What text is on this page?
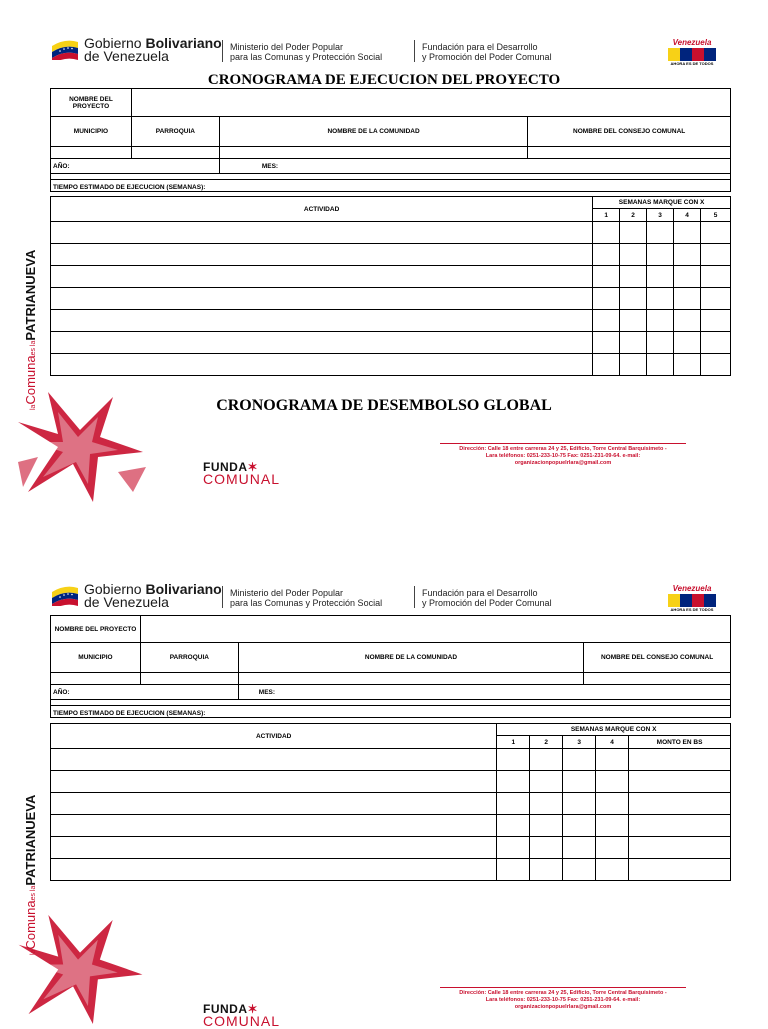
Gobierno Bolivariano
de Venezuela
Ministerio del Poder Popular
para las Comunas y Protección Social
Fundación para el Desarrollo
y Promoción del Poder Comunal
Venezuela
AHORA ES DE TODOS
CRONOGRAMA DE EJECUCION DEL PROYECTO
NOMBRE DEL PROYECTO			
MUNICIPIO	PARROQUIA	NOMBRE DE LA COMUNIDAD	NOMBRE DEL CONSEJO COMUNAL

AÑO:		MES:	

TIEMPO ESTIMADO DE EJECUCION (SEMANAS):			
ACTIVIDAD	SEMANAS MARQUE CON X				
	1	2	3	4	5

CRONOGRAMA DE DESEMBOLSO GLOBAL
laComunaes laPATRIANUEVA
Dirección: Calle 18 entre carreras 24 y 25, Edificio, Torre Central Barquisimeto -
Lara teléfonos: 0251-233-10-75 Fax: 0251-231-09-64. e-mail:
organizacionpopuelrlara@gmail.com
FUNDA✶
COMUNAL
Gobierno Bolivariano
de Venezuela
Ministerio del Poder Popular
para las Comunas y Protección Social
Fundación para el Desarrollo
y Promoción del Poder Comunal
Venezuela
AHORA ES DE TODOS
NOMBRE DEL PROYECTO			
MUNICIPIO	PARROQUIA	NOMBRE DE LA COMUNIDAD	NOMBRE DEL CONSEJO COMUNAL

AÑO:		MES:	

TIEMPO ESTIMADO DE EJECUCION (SEMANAS):			
ACTIVIDAD	SEMANAS MARQUE CON X				
	1	2	3	4	MONTO EN BS

Comunaes laPATRIANUEVA
Dirección: Calle 18 entre carreras 24 y 25, Edificio, Torre Central Barquisimeto -
Lara teléfonos: 0251-233-10-75 Fax: 0251-231-09-64. e-mail:
organizacionpopuelrlara@gmail.com
FUNDA✶
COMUNAL
